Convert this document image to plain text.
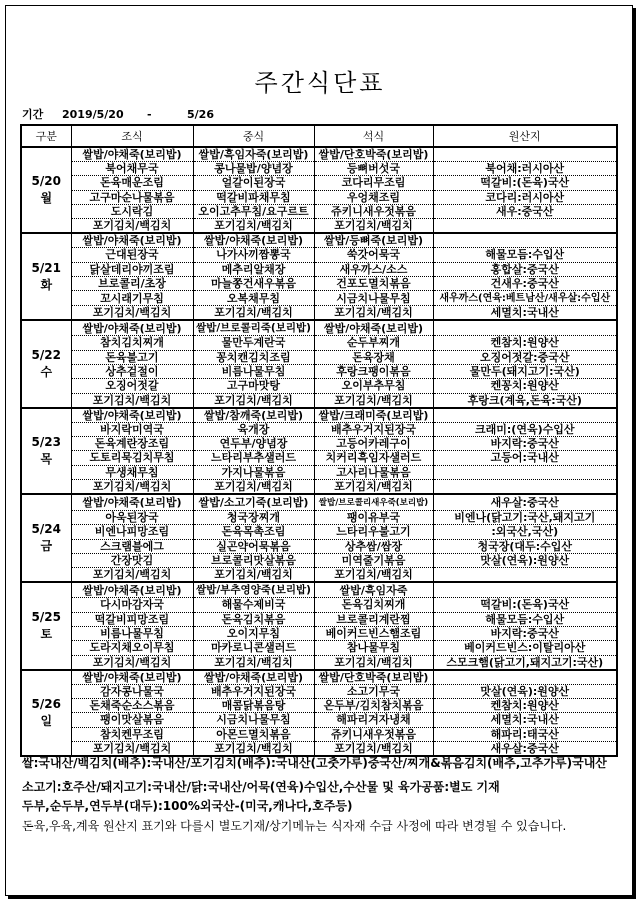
주간식단표
기간 2019/5/20 -	5/26
구분	조식	중식	석식	원산지

5/20
월	쌀밥/야채죽(보리밥)	쌀밥/흑임자죽(보리밥)	쌀밥/단호박죽(보리밥)	
	북어채무국	콩나물밥/양념장	등뼈버섯국	북어채:러시아산
	돈육매운조림	얼갈이된장국	코다리무조림	떡갈비:(돈육)국산
	고구마순나물볶음	떡갈비파채무침	우엉채조림	코다리:러시아산
	도시락김	오이고추무침/요구르트	쥬키니새우젓볶음	새우:중국산
	포기김치/백김치	포기김치/백김치	포기김치/백김치	

5/21
화	쌀밥/야채죽(보리밥)	쌀밥/야채죽(보리밥)	쌀밥/등뼈죽(보리밥)	
	근대된장국	나가사끼짬뽕국	쑥갓어묵국	해물모듬:수입산
	닭살데리야끼조림	메추리알채장	새우까스/소스	홍합살:중국산
	브로콜리/초장	마늘쫑건새우볶음	건포도멸치볶음	건새우:중국산
	꼬시래기무침	오복채무침	시금치나물무침	새우까스(연육:베트남산/새우살:수입산
	포기김치/백김치	포기김치/백김치	포기김치/백김치	세멸치:국내산

5/22
수	쌀밥/야채죽(보리밥)	쌀밥/브로콜리죽(보리밥)	쌀밥/야채죽(보리밥)	
	참치김치찌개	물만두계란국	순두부찌개	켄참치:원양산
	돈육불고기	꽁치캔김치조림	돈육장채	오징어젓갈:중국산
	상추겉절이	비름나물무침	후랑크팽이볶음	물만두(돼지고기:국산)
	오징어젓갈	고구마맛탕	오이부추무침	켄꽁치:원양산
	포기김치/백김치	포기김치/백김치	포기김치/백김치	후랑크(계육,돈육:국산)

5/23
목	쌀밥/야채죽(보리밥)	쌀밥/참깨죽(보리밥)	쌀밥/크래미죽(보리밥)	
	바지락미역국	육개장	배추우거지된장국	크래미:(연육)수입산
	돈육계란장조림	연두부/양념장	고등어카레구이	바지락:중국산
	도토리묵김치무침	느타리부추샐러드	치커리흑임자샐러드	고등어:국내산
	무생채무침	가지나물볶음	고사리나물볶음	
	포기김치/백김치	포기김치/백김치	포기김치/백김치	

5/24
금	쌀밥/야채죽(보리밥)	쌀밥/소고기죽(보리밥)	쌀밥/브로콜리새우죽(보리밥)	새우살:중국산
	아욱된장국	청국장찌개	팽이유부국	비엔나(닭고기:국산,돼지고기
	비엔나피망조림	돈육목촉조림	느타리우불고기	:외국산,국산)
	스크램블에그	실곤약어묵볶음	상추쌈/쌈장	청국장(대두:수입산
	간장맛김	브로콜리맛살볶음	미역줄기볶음	맛살(연육):원양산
	포기김치/백김치	포기김치/백김치	포기김치/백김치	

5/25
토	쌀밥/야채죽(보리밥)	쌀밥/부추영양죽(보리밥)	쌀밥/흑임자죽	
	다시마감자국	해물수제비국	돈육김치찌개	떡갈비:(돈육)국산
	떡갈비피망조림	돈육김치볶음	브로콜리계란찜	해물모듬:수입산
	비름나물무침	오이지무침	베이커드빈스햄조림	바지락:중국산
	도라지채오이무침	마카로니콘샐러드	참나물무침	베이커드빈스:이탈리아산
	포기김치/백김치	포기김치/백김치	포기김치/백김치	스모크햄(닭고기,돼지고기:국산)

5/26
일	쌀밥/야채죽(보리밥)	쌀밥/야채죽(보리밥)	쌀밥/단호박죽(보리밥)	
	감자콩나물국	배추우거지된장국	소고기무국	맛살(연육):원양산
	돈채죽순소스볶음	매콤닭볶음탕	온두부/김치참치볶음	켄참치:원양산
	팽이맛살볶음	시금치나물무침	해파리겨자냉채	세멸치:국내산
	참치켄무조림	아몬드멸치볶음	쥬키니새우젓볶음	해파리:태국산
	포기김치/백김치	포기김치/백김치	포기김치/백김치	새우살:중국산
쌀:국내산/백김치(배추):국내산/포기김치(배추):국내산(고춧가루)중국산/찌개&볶음김치(배추,고추가루)국내산
소고기:호주산/돼지고기:국내산/닭:국내산/어묵(연육)수입산,수산물 및 육가공품:별도 기재
두부,순두부,연두부(대두):100%외국산-(미국,캐나다,호주등)
돈육,우육,계육 원산지 표기와 다를시 별도기재/상기메뉴는 식자재 수급 사정에 따라 변경될 수 있습니다.
